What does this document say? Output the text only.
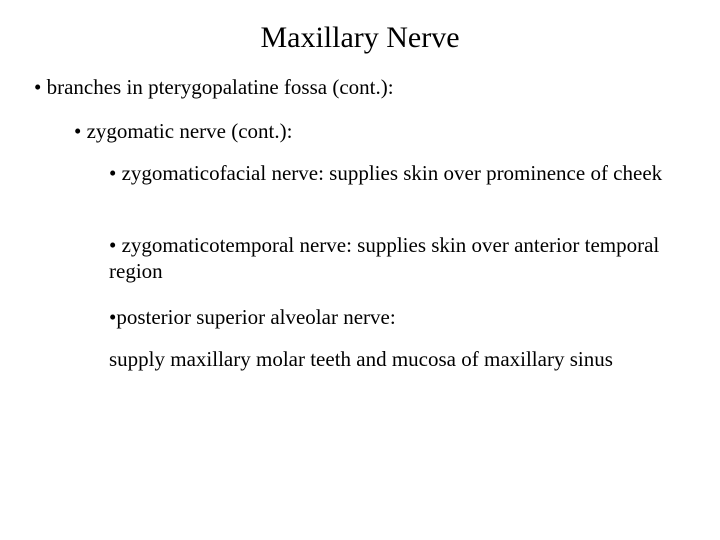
Maxillary Nerve
• branches in pterygopalatine fossa (cont.):
• zygomatic nerve (cont.):
• zygomaticofacial nerve: supplies skin over prominence of cheek
• zygomaticotemporal nerve: supplies skin over anterior temporal region
•posterior superior alveolar nerve:
supply maxillary molar teeth and mucosa of maxillary sinus
